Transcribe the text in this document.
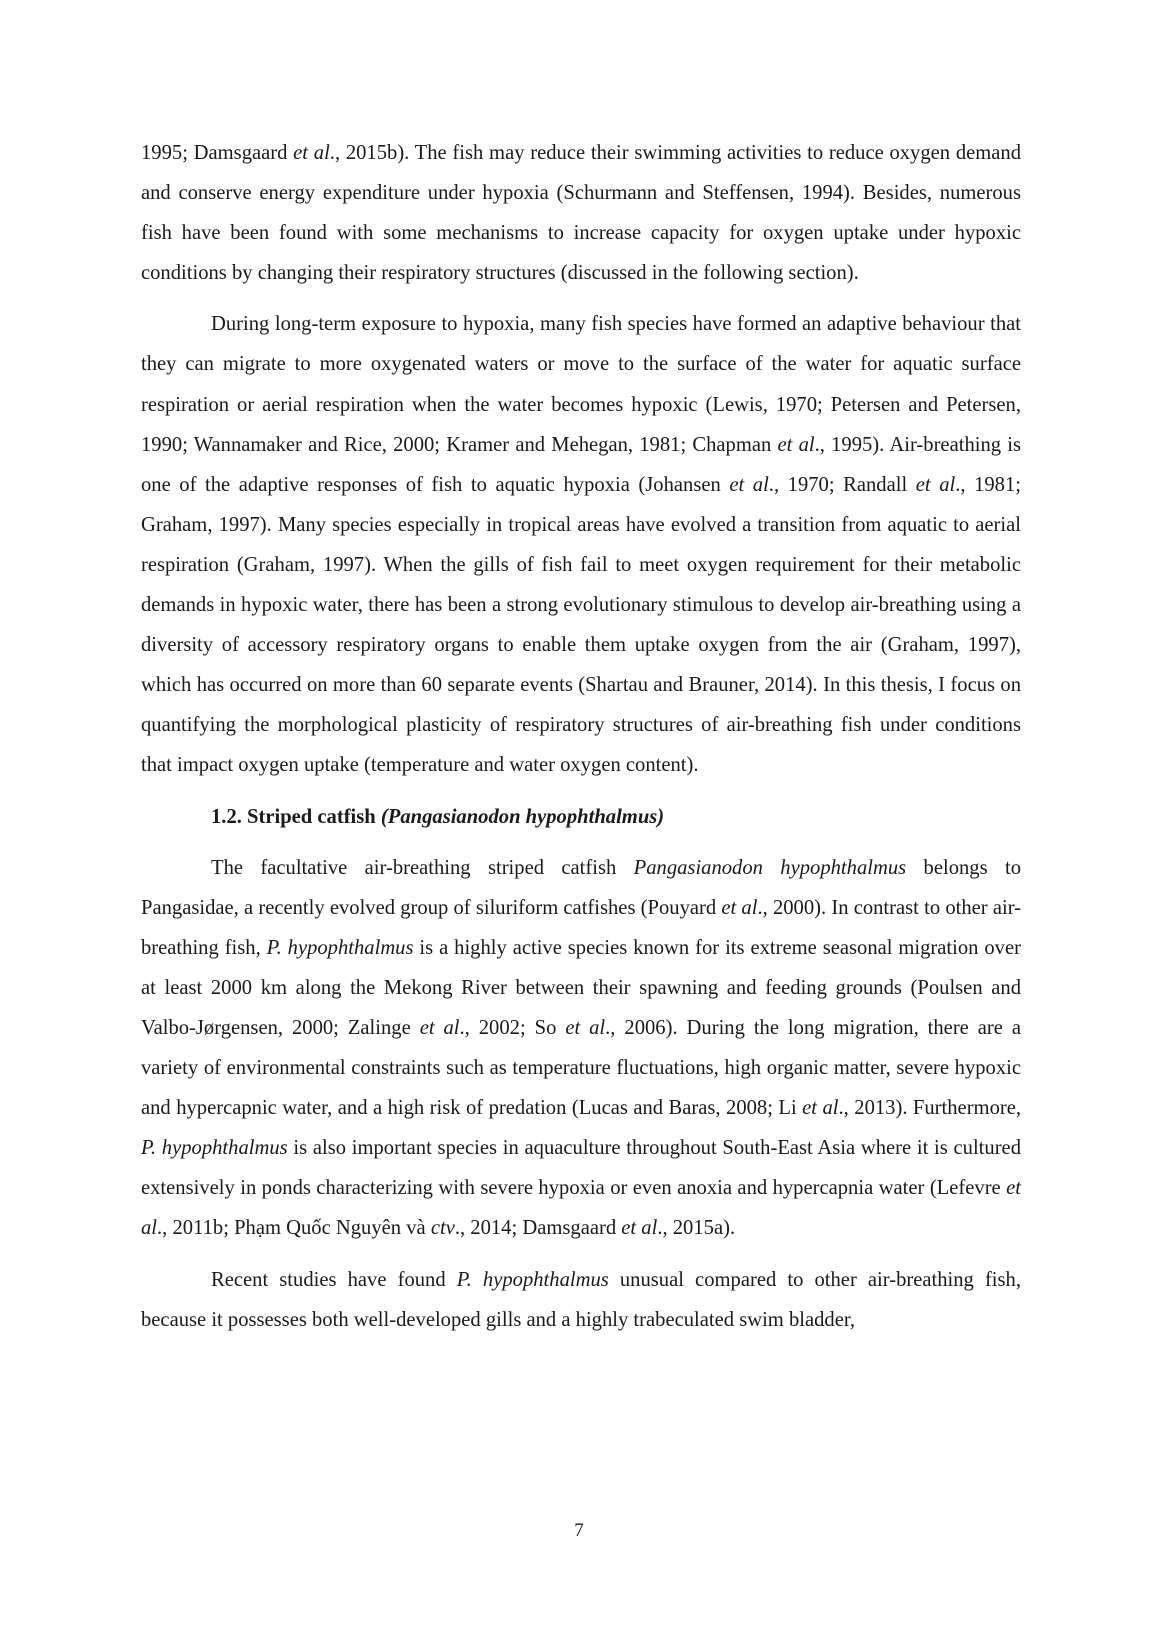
1995; Damsgaard et al., 2015b). The fish may reduce their swimming activities to reduce oxygen demand and conserve energy expenditure under hypoxia (Schurmann and Steffensen, 1994). Besides, numerous fish have been found with some mechanisms to increase capacity for oxygen uptake under hypoxic conditions by changing their respiratory structures (discussed in the following section).

During long-term exposure to hypoxia, many fish species have formed an adaptive behaviour that they can migrate to more oxygenated waters or move to the surface of the water for aquatic surface respiration or aerial respiration when the water becomes hypoxic (Lewis, 1970; Petersen and Petersen, 1990; Wannamaker and Rice, 2000; Kramer and Mehegan, 1981; Chapman et al., 1995). Air-breathing is one of the adaptive responses of fish to aquatic hypoxia (Johansen et al., 1970; Randall et al., 1981; Graham, 1997). Many species especially in tropical areas have evolved a transition from aquatic to aerial respiration (Graham, 1997). When the gills of fish fail to meet oxygen requirement for their metabolic demands in hypoxic water, there has been a strong evolutionary stimulous to develop air-breathing using a diversity of accessory respiratory organs to enable them uptake oxygen from the air (Graham, 1997), which has occurred on more than 60 separate events (Shartau and Brauner, 2014). In this thesis, I focus on quantifying the morphological plasticity of respiratory structures of air-breathing fish under conditions that impact oxygen uptake (temperature and water oxygen content).

1.2. Striped catfish (Pangasianodon hypophthalmus)

The facultative air-breathing striped catfish Pangasianodon hypophthalmus belongs to Pangasidae, a recently evolved group of siluriform catfishes (Pouyard et al., 2000). In contrast to other air-breathing fish, P. hypophthalmus is a highly active species known for its extreme seasonal migration over at least 2000 km along the Mekong River between their spawning and feeding grounds (Poulsen and Valbo-Jørgensen, 2000; Zalinge et al., 2002; So et al., 2006). During the long migration, there are a variety of environmental constraints such as temperature fluctuations, high organic matter, severe hypoxic and hypercapnic water, and a high risk of predation (Lucas and Baras, 2008; Li et al., 2013). Furthermore, P. hypophthalmus is also important species in aquaculture throughout South-East Asia where it is cultured extensively in ponds characterizing with severe hypoxia or even anoxia and hypercapnia water (Lefevre et al., 2011b; Phạm Quốc Nguyên và ctv., 2014; Damsgaard et al., 2015a).

Recent studies have found P. hypophthalmus unusual compared to other air-breathing fish, because it possesses both well-developed gills and a highly trabeculated swim bladder,

7
